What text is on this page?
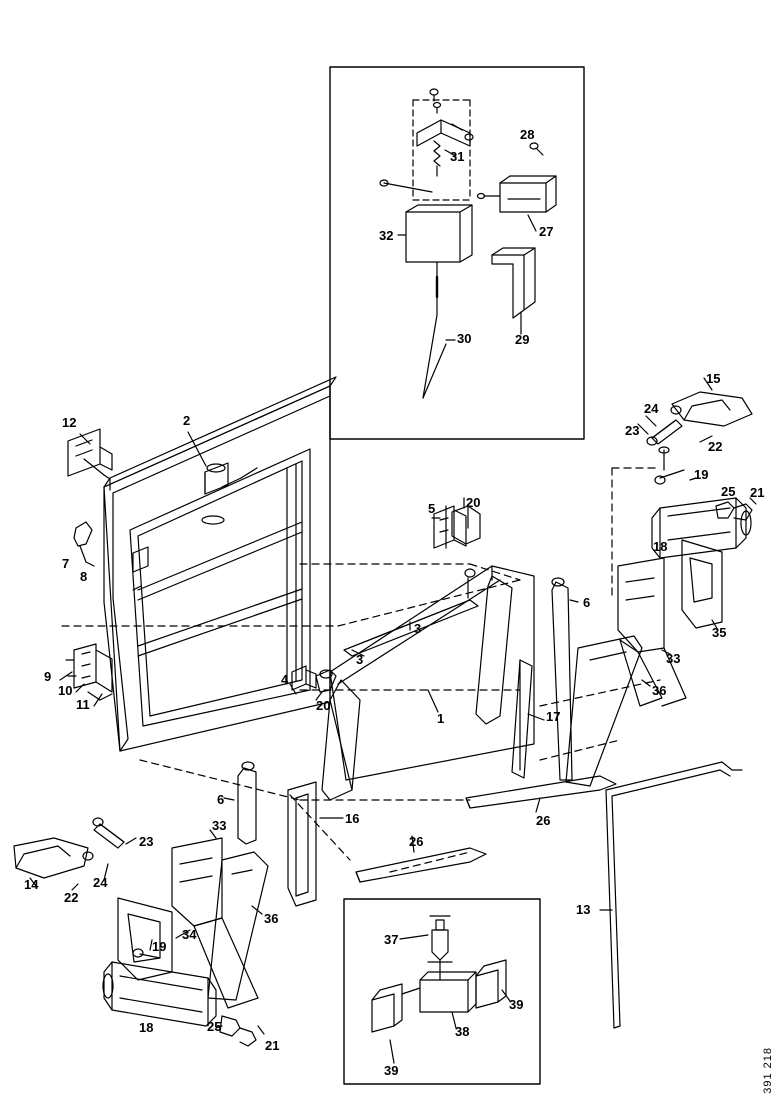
1
2
3
3
4
5
6
6
7
8
9
10
11
12
13
14
15
16
17
18
18
19
19
20
20
21
21
22
22
23
23
24
24
25
25
26
26
27
28
29
30
31
32
33
33
34
35
36
36
37
38
39
39	391 218
